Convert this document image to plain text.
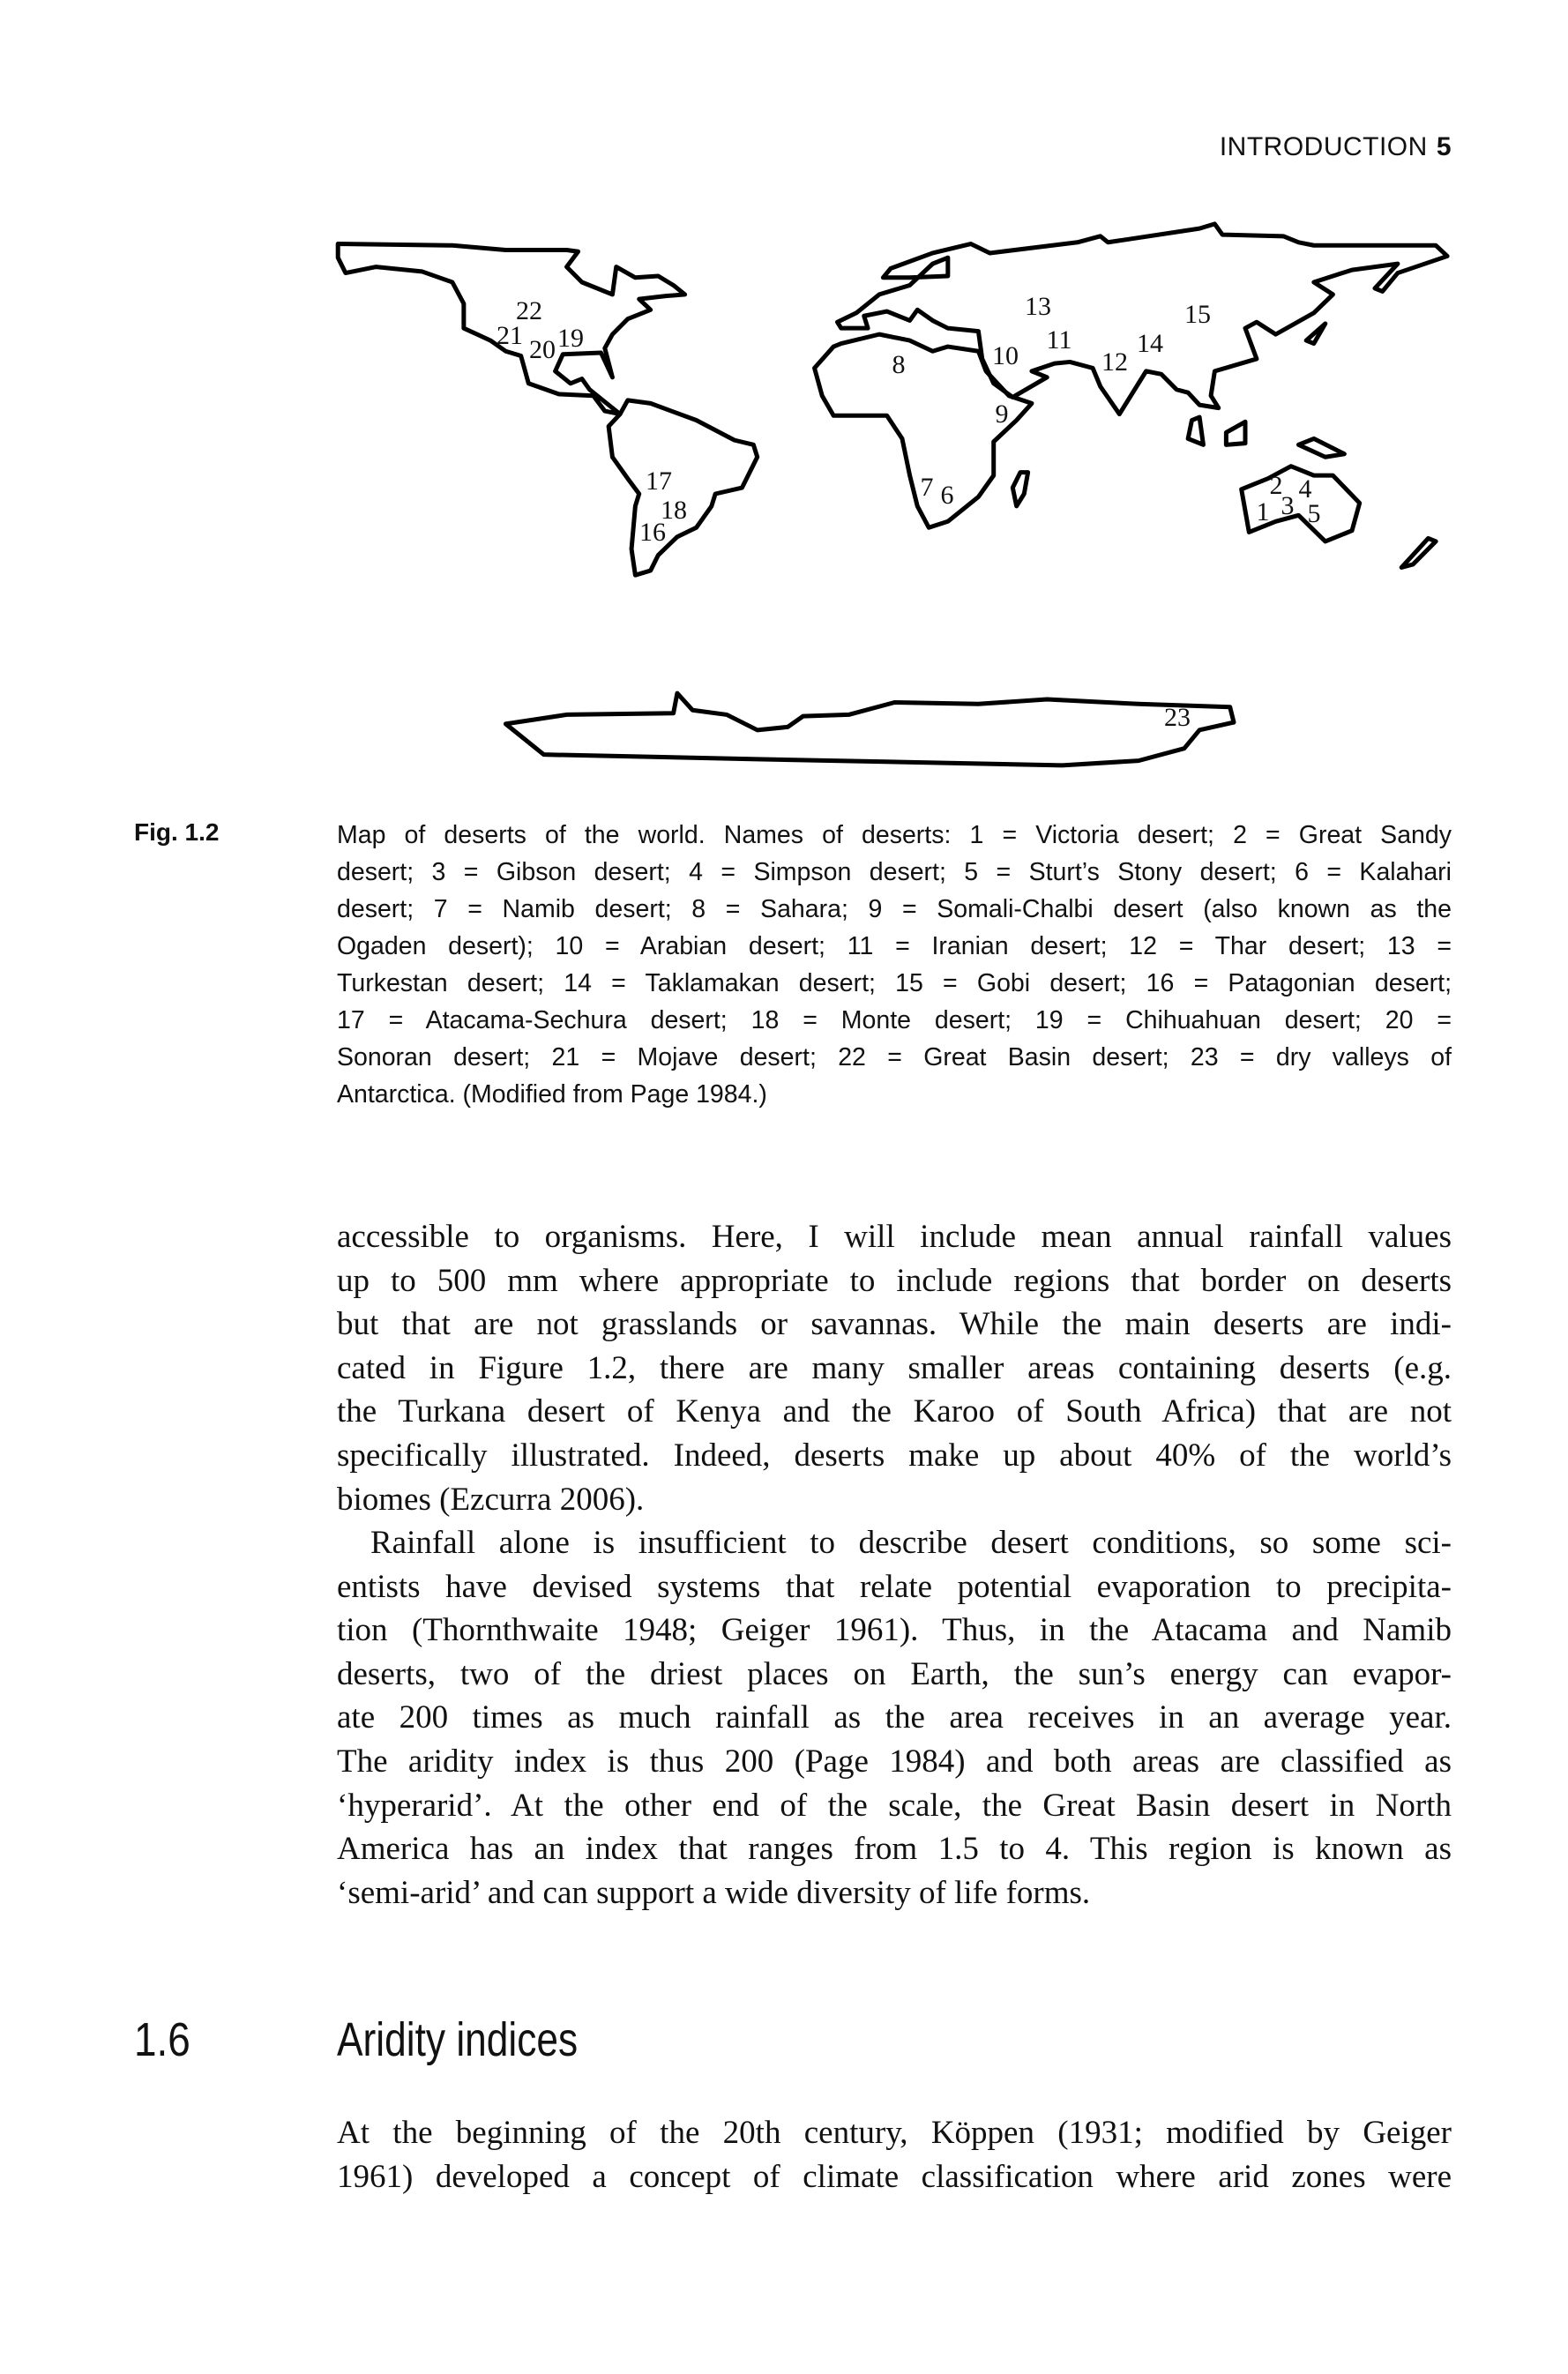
INTRODUCTION 5
22
21 20 19
17
18
16
8
13
11
10	12
14
15
9
7 6	2 4
3
1 5
23
Fig. 1.2	Map of deserts of the world. Names of deserts: 1 = Victoria desert; 2 = Great Sandy
desert; 3 = Gibson desert; 4 = Simpson desert; 5 = Sturt’s Stony desert; 6 = Kalahari
desert; 7 = Namib desert; 8 = Sahara; 9 = Somali-Chalbi desert (also known as the
Ogaden desert); 10 = Arabian desert; 11 = Iranian desert; 12 = Thar desert; 13 =
Turkestan desert; 14 = Taklamakan desert; 15 = Gobi desert; 16 = Patagonian desert;
17 = Atacama-Sechura desert; 18 = Monte desert; 19 = Chihuahuan desert; 20 =
Sonoran desert; 21 = Mojave desert; 22 = Great Basin desert; 23 = dry valleys of
Antarctica. (Modified from Page 1984.)
accessible to organisms. Here, I will include mean annual rainfall values
up to 500 mm where appropriate to include regions that border on deserts
but that are not grasslands or savannas. While the main deserts are indi-
cated in Figure 1.2, there are many smaller areas containing deserts (e.g.
the Turkana desert of Kenya and the Karoo of South Africa) that are not
specifically illustrated. Indeed, deserts make up about 40% of the world’s
biomes (Ezcurra 2006).
Rainfall alone is insufficient to describe desert conditions, so some sci-
entists have devised systems that relate potential evaporation to precipita-
tion (Thornthwaite 1948; Geiger 1961). Thus, in the Atacama and Namib
deserts, two of the driest places on Earth, the sun’s energy can evapor-
ate 200 times as much rainfall as the area receives in an average year.
The aridity index is thus 200 (Page 1984) and both areas are classified as
‘hyperarid’. At the other end of the scale, the Great Basin desert in North
America has an index that ranges from 1.5 to 4. This region is known as
‘semi-arid’ and can support a wide diversity of life forms.
1.6	Aridity indices
At the beginning of the 20th century, Köppen (1931; modified by Geiger
1961) developed a concept of climate classification where arid zones were
